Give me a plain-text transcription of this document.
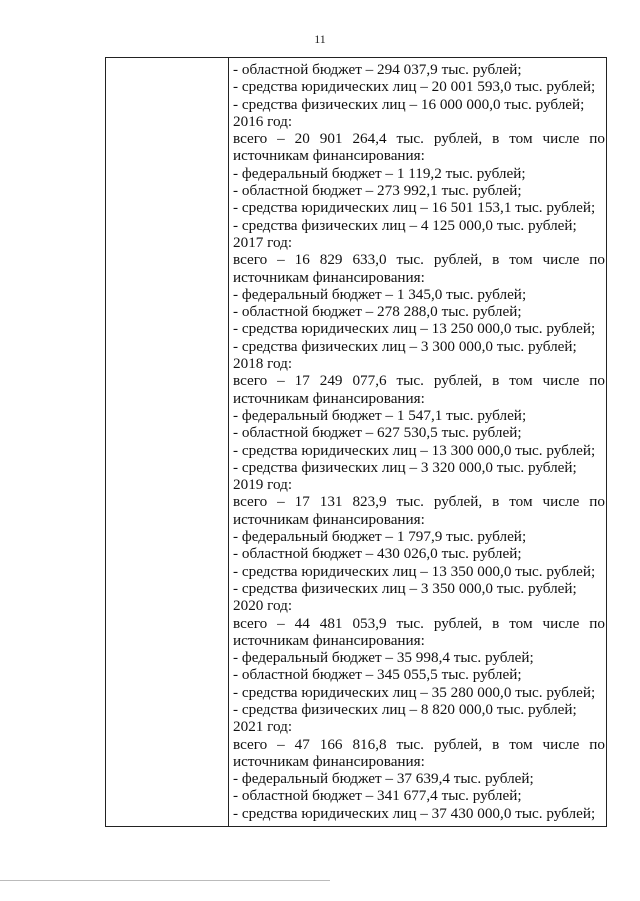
11
- областной бюджет – 294 037,9 тыс. рублей;
- средства юридических лиц – 20 001 593,0 тыс. рублей;
- средства физических лиц – 16 000 000,0 тыс. рублей;
2016 год:
всего – 20 901 264,4 тыс. рублей, в том числе по
источникам финансирования:
- федеральный бюджет – 1 119,2 тыс. рублей;
- областной бюджет – 273 992,1 тыс. рублей;
- средства юридических лиц – 16 501 153,1 тыс. рублей;
- средства физических лиц – 4 125 000,0 тыс. рублей;
2017 год:
всего – 16 829 633,0 тыс. рублей, в том числе по
источникам финансирования:
- федеральный бюджет – 1 345,0 тыс. рублей;
- областной бюджет – 278 288,0 тыс. рублей;
- средства юридических лиц – 13 250 000,0 тыс. рублей;
- средства физических лиц – 3 300 000,0 тыс. рублей;
2018 год:
всего – 17 249 077,6 тыс. рублей, в том числе по
источникам финансирования:
- федеральный бюджет – 1 547,1 тыс. рублей;
- областной бюджет – 627 530,5 тыс. рублей;
- средства юридических лиц – 13 300 000,0 тыс. рублей;
- средства физических лиц – 3 320 000,0 тыс. рублей;
2019 год:
всего – 17 131 823,9 тыс. рублей, в том числе по
источникам финансирования:
- федеральный бюджет – 1 797,9 тыс. рублей;
- областной бюджет – 430 026,0 тыс. рублей;
- средства юридических лиц – 13 350 000,0 тыс. рублей;
- средства физических лиц – 3 350 000,0 тыс. рублей;
2020 год:
всего – 44 481 053,9 тыс. рублей, в том числе по
источникам финансирования:
- федеральный бюджет – 35 998,4 тыс. рублей;
- областной бюджет – 345 055,5 тыс. рублей;
- средства юридических лиц – 35 280 000,0 тыс. рублей;
- средства физических лиц – 8 820 000,0 тыс. рублей;
2021 год:
всего – 47 166 816,8 тыс. рублей, в том числе по
источникам финансирования:
- федеральный бюджет – 37 639,4 тыс. рублей;
- областной бюджет – 341 677,4 тыс. рублей;
- средства юридических лиц – 37 430 000,0 тыс. рублей;
